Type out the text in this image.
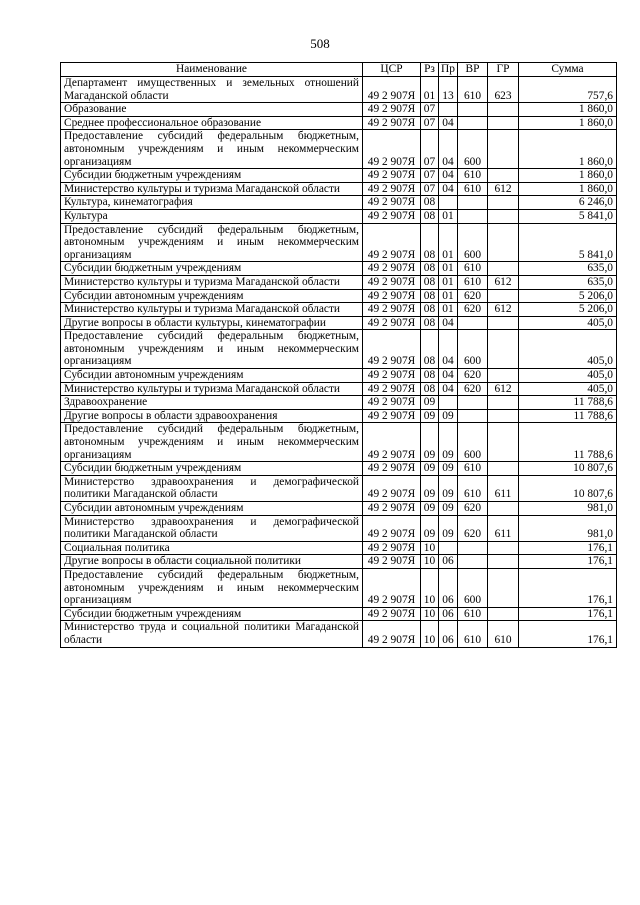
508
Наименование	ЦСР	Рз	Пр	ВР	ГР	Сумма
Департамент имущественных и земельных отношений Магаданской области	49 2 907Я	01	13	610	623	757,6
Образование	49 2 907Я	07				1 860,0
Среднее профессиональное образование	49 2 907Я	07	04			1 860,0
Предоставление субсидий федеральным бюджетным, автономным учреждениям и иным некоммерческим организациям	49 2 907Я	07	04	600		1 860,0
Субсидии бюджетным учреждениям	49 2 907Я	07	04	610		1 860,0
Министерство культуры и туризма Магаданской области	49 2 907Я	07	04	610	612	1 860,0
Культура, кинематография	49 2 907Я	08				6 246,0
Культура	49 2 907Я	08	01			5 841,0
Предоставление субсидий федеральным бюджетным, автономным учреждениям и иным некоммерческим организациям	49 2 907Я	08	01	600		5 841,0
Субсидии бюджетным учреждениям	49 2 907Я	08	01	610		635,0
Министерство культуры и туризма Магаданской области	49 2 907Я	08	01	610	612	635,0
Субсидии автономным учреждениям	49 2 907Я	08	01	620		5 206,0
Министерство культуры и туризма Магаданской области	49 2 907Я	08	01	620	612	5 206,0
Другие вопросы в области культуры, кинематографии	49 2 907Я	08	04			405,0
Предоставление субсидий федеральным бюджетным, автономным учреждениям и иным некоммерческим организациям	49 2 907Я	08	04	600		405,0
Субсидии автономным учреждениям	49 2 907Я	08	04	620		405,0
Министерство культуры и туризма Магаданской области	49 2 907Я	08	04	620	612	405,0
Здравоохранение	49 2 907Я	09				11 788,6
Другие вопросы в области здравоохранения	49 2 907Я	09	09			11 788,6
Предоставление субсидий федеральным бюджетным, автономным учреждениям и иным некоммерческим организациям	49 2 907Я	09	09	600		11 788,6
Субсидии бюджетным учреждениям	49 2 907Я	09	09	610		10 807,6
Министерство здравоохранения и демографической политики Магаданской области	49 2 907Я	09	09	610	611	10 807,6
Субсидии автономным учреждениям	49 2 907Я	09	09	620		981,0
Министерство здравоохранения и демографической политики Магаданской области	49 2 907Я	09	09	620	611	981,0
Социальная политика	49 2 907Я	10				176,1
Другие вопросы в области социальной политики	49 2 907Я	10	06			176,1
Предоставление субсидий федеральным бюджетным, автономным учреждениям и иным некоммерческим организациям	49 2 907Я	10	06	600		176,1
Субсидии бюджетным учреждениям	49 2 907Я	10	06	610		176,1
Министерство труда и социальной политики Магаданской области	49 2 907Я	10	06	610	610	176,1
